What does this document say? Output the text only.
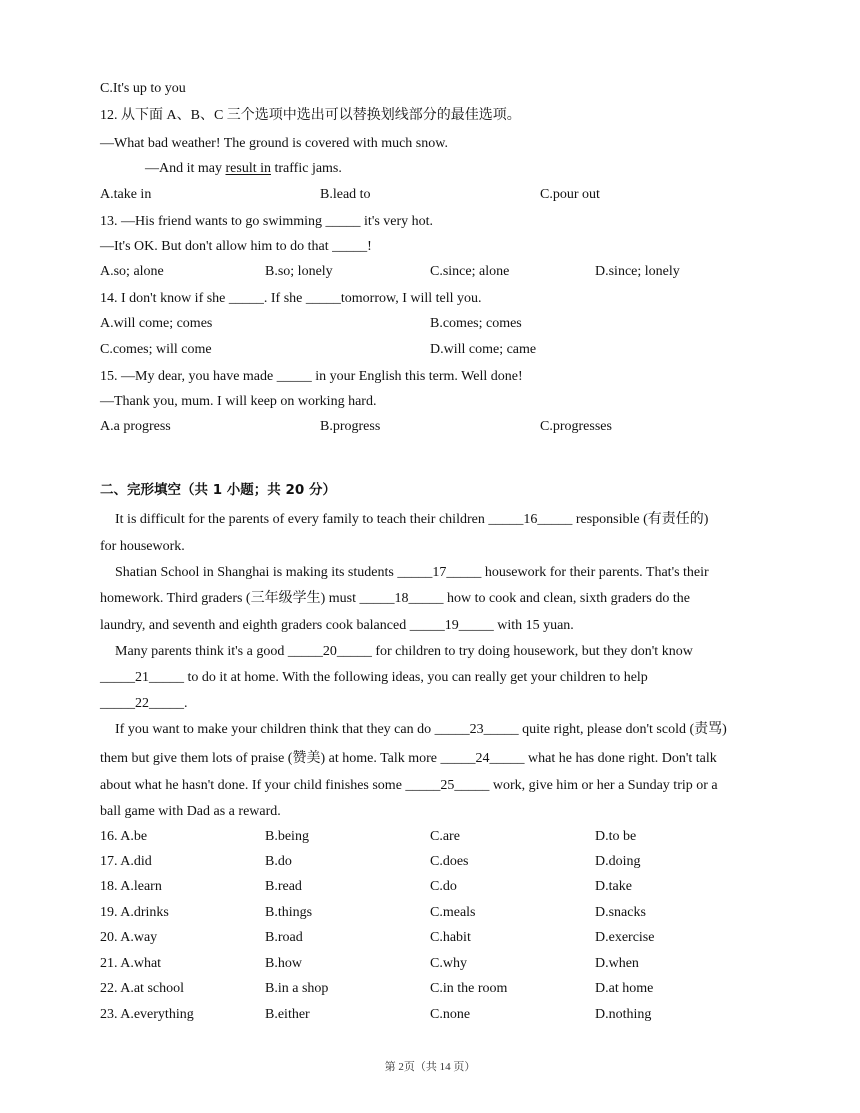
C.It's up to you
12. 从下面 A、B、C 三个选项中选出可以替换划线部分的最佳选项。
—What bad weather! The ground is covered with much snow.
—And it may result in traffic jams.
A.take in	B.lead to	C.pour out
13. —His friend wants to go swimming _____ it's very hot.
—It's OK. But don't allow him to do that _____!
A.so; alone	B.so; lonely	C.since; alone	D.since; lonely
14. I don't know if she _____. If she _____tomorrow, I will tell you.
A.will come; comes	B.comes; comes
C.comes; will come	D.will come; came
15. —My dear, you have made _____ in your English this term. Well done!
—Thank you, mum. I will keep on working hard.
A.a progress	B.progress	C.progresses
二、完形填空（共 1 小题；共 20 分）
It is difficult for the parents of every family to teach their children _____16_____ responsible (有责任的)
for housework.
Shatian School in Shanghai is making its students _____17_____ housework for their parents. That's their
homework. Third graders (三年级学生) must _____18_____ how to cook and clean, sixth graders do the
laundry, and seventh and eighth graders cook balanced _____19_____ with 15 yuan.
Many parents think it's a good _____20_____ for children to try doing housework, but they don't know
_____21_____ to do it at home. With the following ideas, you can really get your children to help
_____22_____.
If you want to make your children think that they can do _____23_____ quite right, please don't scold (责骂)
them but give them lots of praise (赞美) at home. Talk more _____24_____ what he has done right. Don't talk
about what he hasn't done. If your child finishes some _____25_____ work, give him or her a Sunday trip or a
ball game with Dad as a reward.
16. A.be	B.being	C.are	D.to be
17. A.did	B.do	C.does	D.doing
18. A.learn	B.read	C.do	D.take
19. A.drinks	B.things	C.meals	D.snacks
20. A.way	B.road	C.habit	D.exercise
21. A.what	B.how	C.why	D.when
22. A.at school	B.in a shop	C.in the room	D.at home
23. A.everything	B.either	C.none	D.nothing
第 2页（共 14 页）
